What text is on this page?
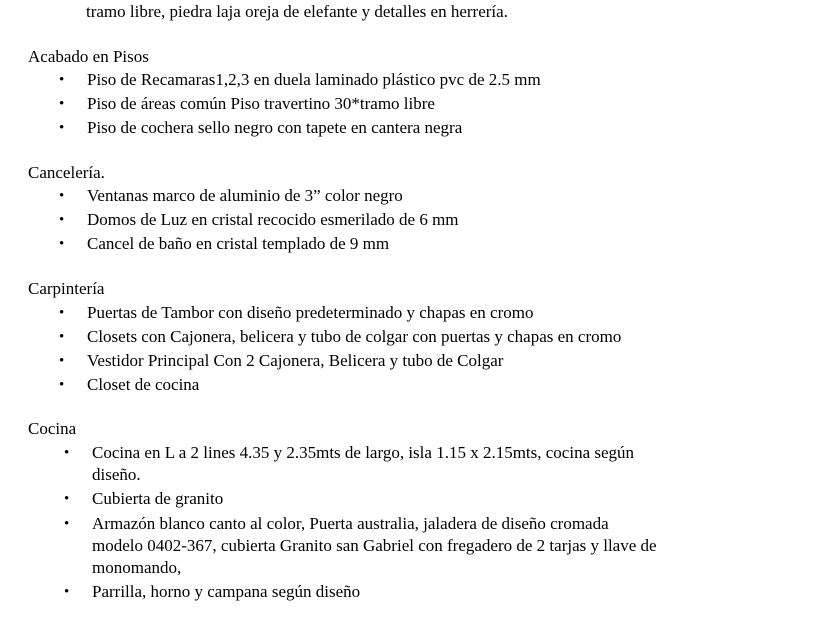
tramo libre, piedra laja oreja de elefante y detalles en herrería.
Acabado en Pisos
• Piso de Recamaras1,2,3 en duela laminado plástico pvc de 2.5 mm
• Piso de áreas común Piso travertino 30*tramo libre
• Piso de cochera sello negro con tapete en cantera negra
Cancelería.
• Ventanas marco de aluminio de 3” color negro
• Domos de Luz en cristal recocido esmerilado de 6 mm
• Cancel de baño en cristal templado de 9 mm
Carpintería
• Puertas de Tambor con diseño predeterminado y chapas en cromo
• Closets con Cajonera, belicera y tubo de colgar con puertas y chapas en cromo
• Vestidor Principal Con 2 Cajonera, Belicera y tubo de Colgar
• Closet de cocina
Cocina
• Cocina en L a 2 lines 4.35 y 2.35mts de largo, isla 1.15 x 2.15mts, cocina según
diseño.
• Cubierta de granito
• Armazón blanco canto al color, Puerta australia, jaladera de diseño cromada
modelo 0402-367, cubierta Granito san Gabriel con fregadero de 2 tarjas y llave de
monomando,
• Parrilla, horno y campana según diseño
